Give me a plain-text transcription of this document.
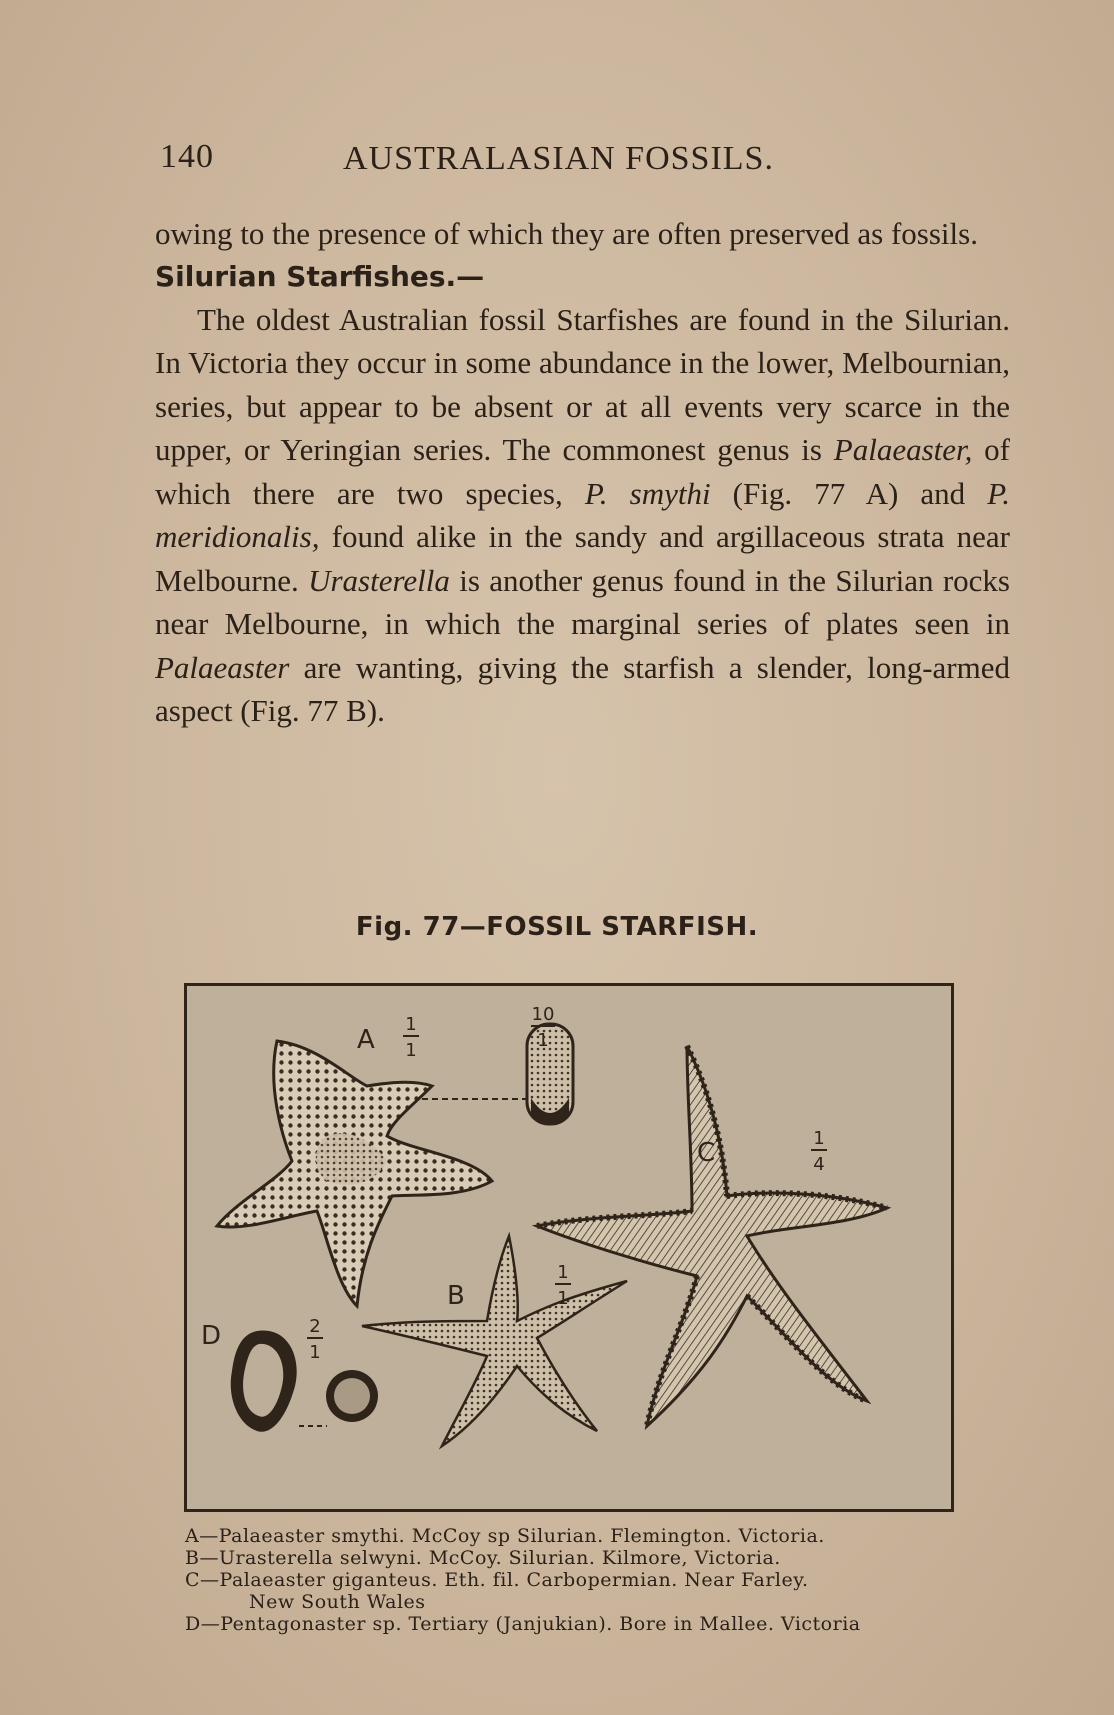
140	AUSTRALASIAN FOSSILS.

owing to the presence of which they are often preserved as fossils.

Silurian Starfishes.—

The oldest Australian fossil Starfishes are found in the Silurian. In Victoria they occur in some abundance in the lower, Melbournian, series, but appear to be absent or at all events very scarce in the upper, or Yeringian series. The commonest genus is Palaeaster, of which there are two species, P. smythi (Fig. 77 A) and P. meridionalis, found alike in the sandy and argillaceous strata near Melbourne. Urasterella is another genus found in the Silurian rocks near Melbourne, in which the marginal series of plates seen in Palaeaster are wanting, giving the starfish a slender, long-armed aspect (Fig. 77 B).

Fig. 77—FOSSIL STARFISH.
A
B
C
D
1
1
10
1
1
1
1
4
2
1
A—Palaeaster smythi. McCoy sp Silurian. Flemington. Victoria.
B—Urasterella selwyni. McCoy. Silurian. Kilmore, Victoria.
C—Palaeaster giganteus. Eth. fil. Carbopermian. Near Farley.
New South Wales
D—Pentagonaster sp. Tertiary (Janjukian). Bore in Mallee. Victoria
